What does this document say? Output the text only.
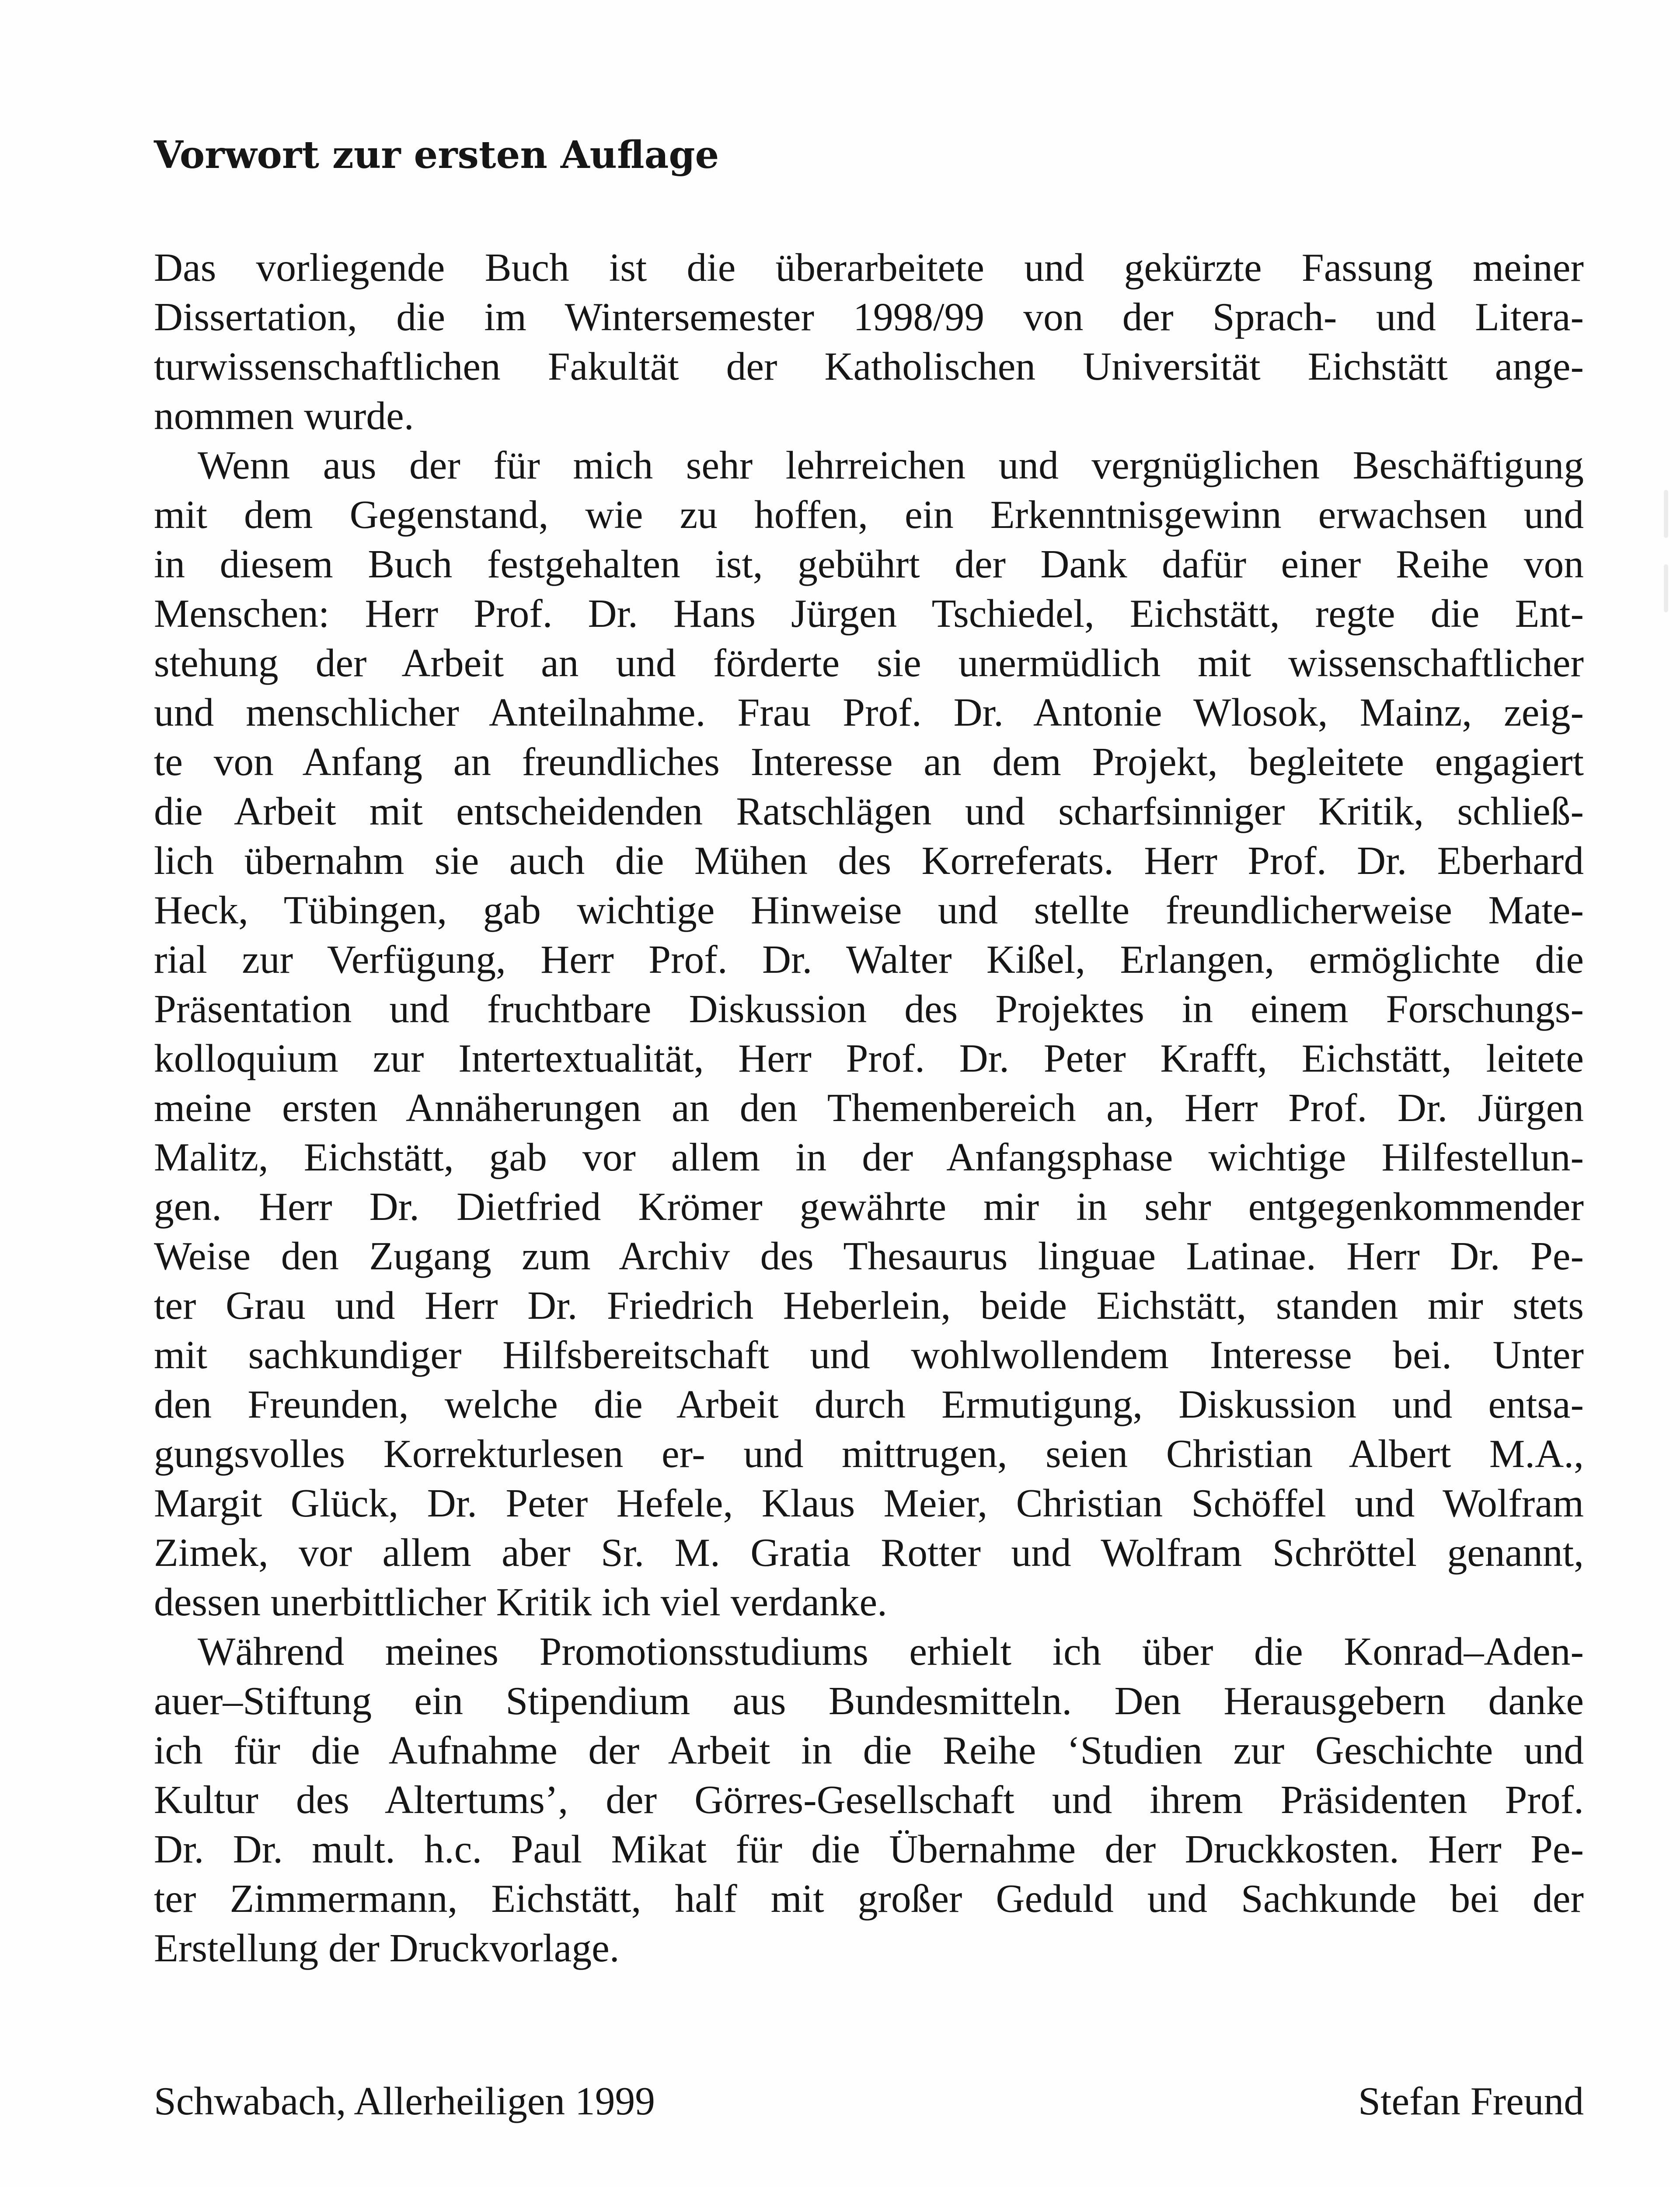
Vorwort zur ersten Auflage
Das vorliegende Buch ist die überarbeitete und gekürzte Fassung meiner
Dissertation, die im Wintersemester 1998/99 von der Sprach- und Litera-
turwissenschaftlichen Fakultät der Katholischen Universität Eichstätt ange-
nommen wurde.
Wenn aus der für mich sehr lehrreichen und vergnüglichen Beschäftigung
mit dem Gegenstand, wie zu hoffen, ein Erkenntnisgewinn erwachsen und
in diesem Buch festgehalten ist, gebührt der Dank dafür einer Reihe von
Menschen: Herr Prof. Dr. Hans Jürgen Tschiedel, Eichstätt, regte die Ent-
stehung der Arbeit an und förderte sie unermüdlich mit wissenschaftlicher
und menschlicher Anteilnahme. Frau Prof. Dr. Antonie Wlosok, Mainz, zeig-
te von Anfang an freundliches Interesse an dem Projekt, begleitete engagiert
die Arbeit mit entscheidenden Ratschlägen und scharfsinniger Kritik, schließ-
lich übernahm sie auch die Mühen des Korreferats. Herr Prof. Dr. Eberhard
Heck, Tübingen, gab wichtige Hinweise und stellte freundlicherweise Mate-
rial zur Verfügung, Herr Prof. Dr. Walter Kißel, Erlangen, ermöglichte die
Präsentation und fruchtbare Diskussion des Projektes in einem Forschungs-
kolloquium zur Intertextualität, Herr Prof. Dr. Peter Krafft, Eichstätt, leitete
meine ersten Annäherungen an den Themenbereich an, Herr Prof. Dr. Jürgen
Malitz, Eichstätt, gab vor allem in der Anfangsphase wichtige Hilfestellun-
gen. Herr Dr. Dietfried Krömer gewährte mir in sehr entgegenkommender
Weise den Zugang zum Archiv des Thesaurus linguae Latinae. Herr Dr. Pe-
ter Grau und Herr Dr. Friedrich Heberlein, beide Eichstätt, standen mir stets
mit sachkundiger Hilfsbereitschaft und wohlwollendem Interesse bei. Unter
den Freunden, welche die Arbeit durch Ermutigung, Diskussion und entsa-
gungsvolles Korrekturlesen er- und mittrugen, seien Christian Albert M.A.,
Margit Glück, Dr. Peter Hefele, Klaus Meier, Christian Schöffel und Wolfram
Zimek, vor allem aber Sr. M. Gratia Rotter und Wolfram Schröttel genannt,
dessen unerbittlicher Kritik ich viel verdanke.
Während meines Promotionsstudiums erhielt ich über die Konrad–Aden-
auer–Stiftung ein Stipendium aus Bundesmitteln. Den Herausgebern danke
ich für die Aufnahme der Arbeit in die Reihe ‘Studien zur Geschichte und
Kultur des Altertums’, der Görres-Gesellschaft und ihrem Präsidenten Prof.
Dr. Dr. mult. h.c. Paul Mikat für die Übernahme der Druckkosten. Herr Pe-
ter Zimmermann, Eichstätt, half mit großer Geduld und Sachkunde bei der
Erstellung der Druckvorlage.
Schwabach, Allerheiligen 1999	Stefan Freund
